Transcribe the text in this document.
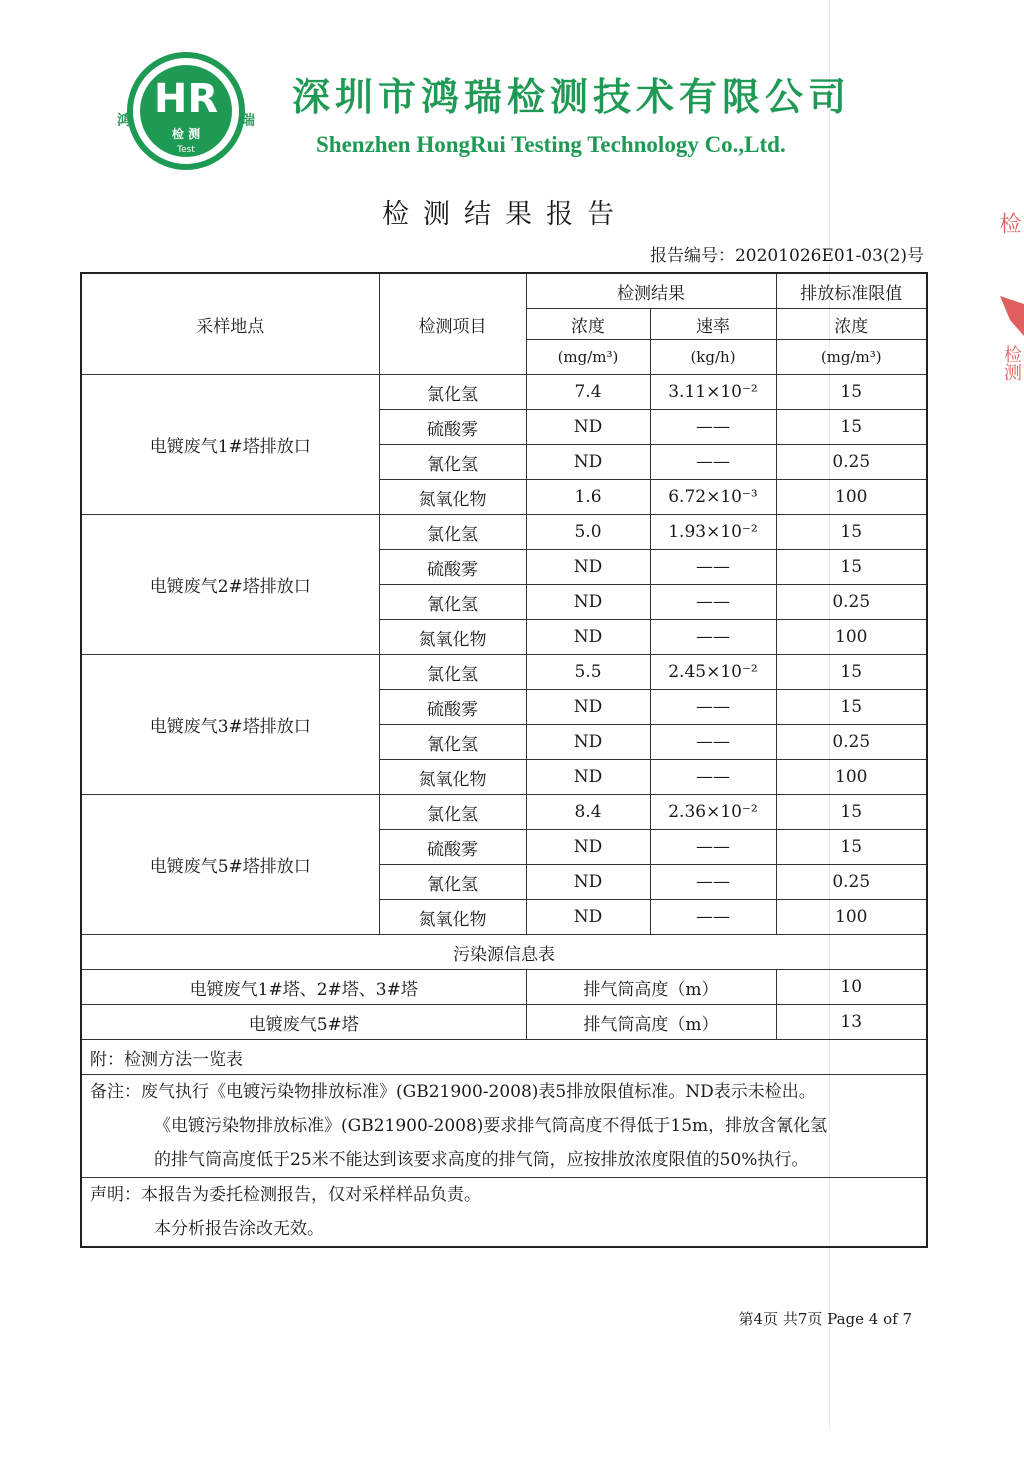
HR
检 测
Test
鸿	瑞
深圳市鸿瑞检测技术有限公司
Shenzhen HongRui Testing Technology Co.,Ltd.
检测结果报告
报告编号：20201026E01-03(2)号
检
检测
采样地点	检测项目	检测结果		排放标准限值
		浓度	速率	浓度
		(mg/m³)	(kg/h)	(mg/m³)
电镀废气1#塔排放口	氯化氢	7.4	3.11×10⁻²	15
	硫酸雾	ND	——	15
	氰化氢	ND	——	0.25
	氮氧化物	1.6	6.72×10⁻³	100
电镀废气2#塔排放口	氯化氢	5.0	1.93×10⁻²	15
	硫酸雾	ND	——	15
	氰化氢	ND	——	0.25
	氮氧化物	ND	——	100
电镀废气3#塔排放口	氯化氢	5.5	2.45×10⁻²	15
	硫酸雾	ND	——	15
	氰化氢	ND	——	0.25
	氮氧化物	ND	——	100
电镀废气5#塔排放口	氯化氢	8.4	2.36×10⁻²	15
	硫酸雾	ND	——	15
	氰化氢	ND	——	0.25
	氮氧化物	ND	——	100
污染源信息表				
电镀废气1#塔、2#塔、3#塔		排气筒高度（m）		10
电镀废气5#塔		排气筒高度（m）		13
附：检测方法一览表				

备注：废气执行《电镀污染物排放标准》(GB21900-2008)表5排放限值标准。ND表示未检出。
《电镀污染物排放标准》(GB21900-2008)要求排气筒高度不得低于15m，排放含氰化氢
的排气筒高度低于25米不能达到该要求高度的排气筒，应按排放浓度限值的50%执行。				

声明：本报告为委托检测报告，仅对采样样品负责。
本分析报告涂改无效。				
第4页 共7页 Page 4 of 7
